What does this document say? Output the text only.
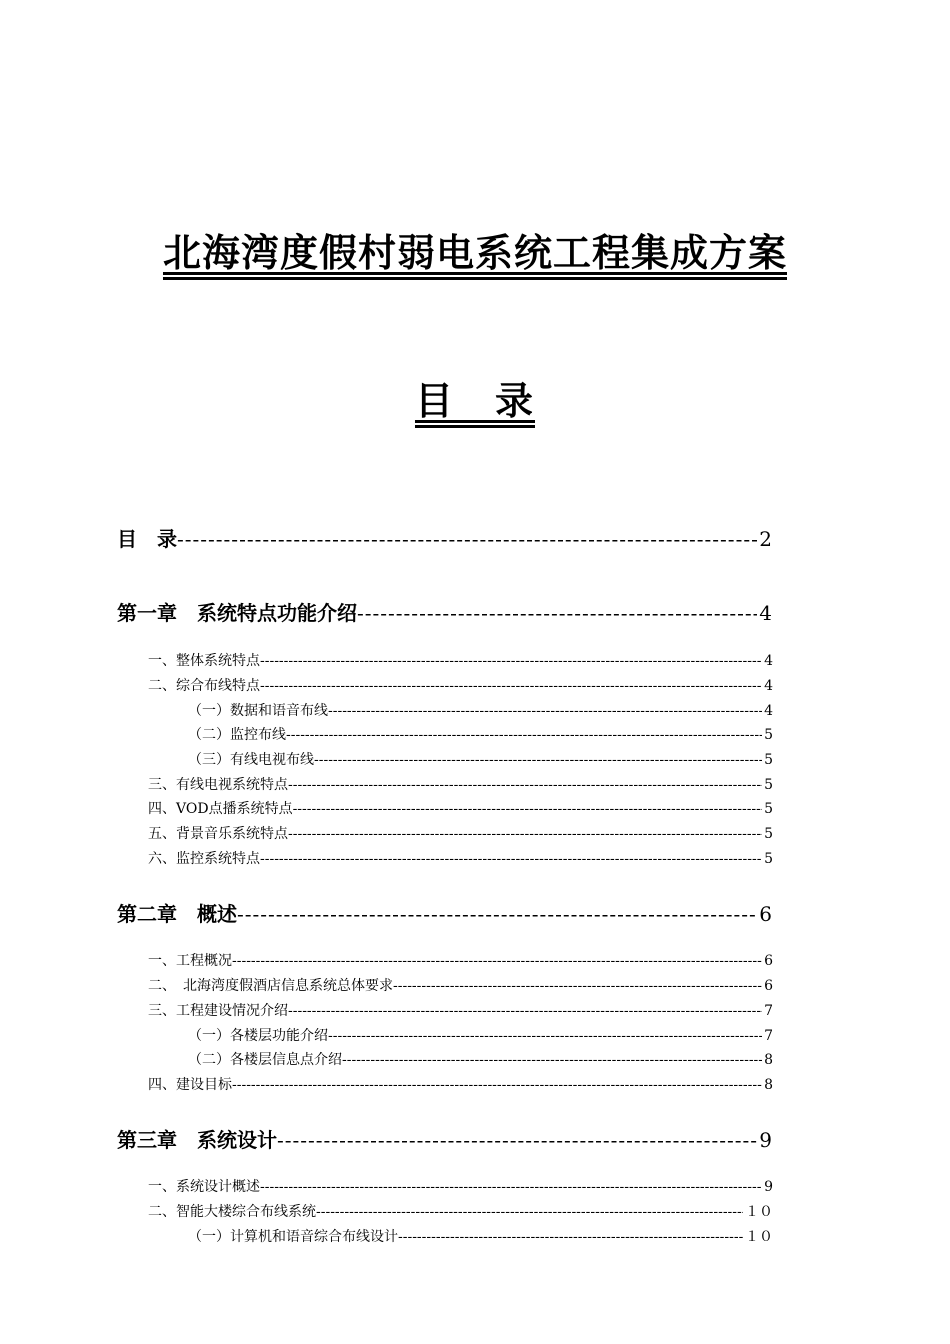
北海湾度假村弱电系统工程集成方案
目　录
目　录 -----	2
第一章　系统特点功能介绍 -----	4
一、整体系统特点 -----	4
二、综合布线特点 -----	4
（一）数据和语音布线 -----	4
（二）监控布线 -----	5
（三）有线电视布线 -----	5
三、有线电视系统特点 -----	5
四、VOD点播系统特点 -----	5
五、背景音乐系统特点 -----	5
六、监控系统特点 -----	5
第二章　概述 -----	6
一、工程概况 -----	6
二、　北海湾度假酒店信息系统总体要求 -----	6
三、工程建设情况介绍 -----	7
（一）各楼层功能介绍 -----	7
（二）各楼层信息点介绍 -----	8
四、建设目标 -----	8
第三章　系统设计 -----	9
一、系统设计概述 -----	9
二、智能大楼综合布线系统 -----	１０
（一）计算机和语音综合布线设计 -----	１０
